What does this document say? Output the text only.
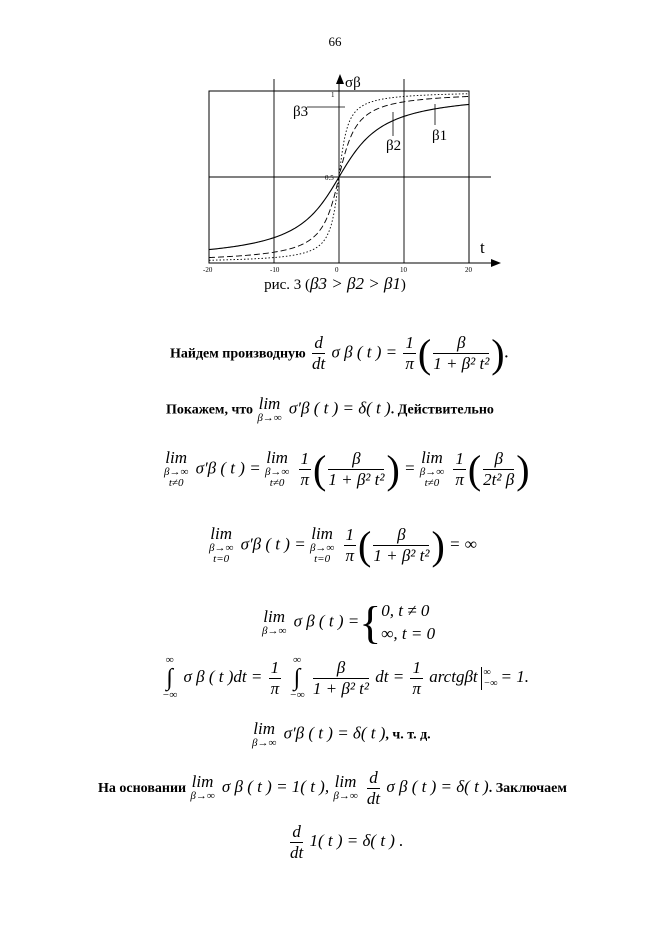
66
σβ
t
1
0.5
-20	-10	0	10	20
β3
β2
β1
рис. 3 (β3 > β2 > β1)
Найдем производную $\frac{d}{dt}$ σ β ( t ) = $\frac{1}{\pi}$ ( $\frac{\beta}{\text{1 + β² t²}}$ ).
Покажем, что lim
β→∞
σ′β ( t ) = δ( t ). Действительно
lim
β→∞
t≠0
σ′β ( t ) =
lim
β→∞
t≠0
$\frac{1}{\pi}$ ( $\frac{\beta}{\text{1 + β² t²}}$ ) =
lim
β→∞
t≠0
$\frac{1}{\pi}$ ( $\frac{\beta}{\text{2t² β}}$ )
lim
β→∞
t=0
σ′β ( t ) =
lim
β→∞
t=0
$\frac{1}{\pi}$ ( $\frac{\beta}{\text{1 + β² t²}}$ ) = ∞
lim
β→∞
σ β ( t ) ={ 0, t ≠ 0
∞, t = 0
∞
∫
−∞
σ β ( t )$dt = \frac{1}{\pi}$
	∞
∫
−∞
$\frac{\beta}{\text{1 + β² t²}}$ dt = $\frac{1}{\pi}$ arctgβt ∞
−∞ = 1.
lim
β→∞
σ′β ( t ) = δ( t ), ч. т. д.
На основании lim
β→∞
σ β ( t ) = 1( t ), lim
β→∞
$\frac{d}{dt}$ σ β ( t ) = δ( t ). Заключаем
$\frac{d}{dt} 1$( t ) = δ( t ) .
